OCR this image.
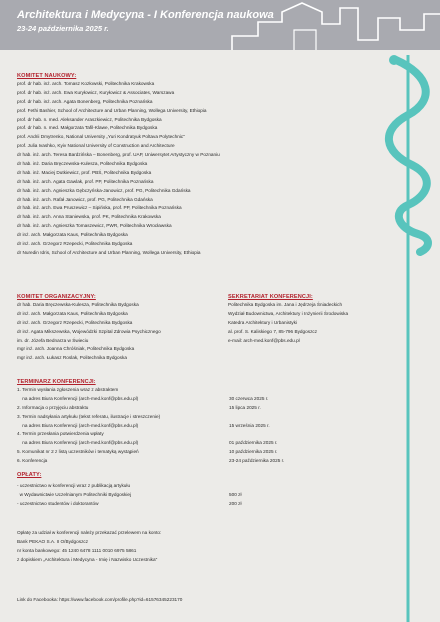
Architektura i Medycyna - I Konferencja naukowa
23-24 października 2025 r.
KOMITET NAUKOWY:
prof. dr hab. inż. arch. Tomasz Kozłowski, Politechnika Krakowska
prof. dr hab. inż. arch. Ewa Kuryłowicz, Kuryłowicz & Associates, Warszawa
prof. dr hab. inż. arch. Agata Bonenberg, Politechnika Poznańska
prof. Fethi Bashier, School of Architecture and Urban Planning, Wollega University, Ethiopia
prof. dr hab. n. med. Aleksander Araszkiewicz, Politechnika Bydgoska
prof. dr hab. n. med. Małgorzata Tafil-Klawe, Politechnika Bydgoska
prof. Andrii Dmytrenko, National University „Yuri Kondratyuk Poltava Polytechnic"
prof. Julia Ivashko, Kyiv National University of Construction and Architecture
dr hab. inż. arch. Teresa Bardzińska – Bonenberg, prof. UAP, Uniwersytet Artystyczny w Poznaniu
dr hab. inż. Daria Bręczewska-Kulesza, Politechnika Bydgoska
dr hab. inż. Maciej Dutkiewicz, prof. PBŚ, Politechnika Bydgoska
dr hab. inż. arch. Agata Gawlak, prof. PP, Politechnika Poznańska
dr hab. inż. arch. Agnieszka Gębczyńska-Janowicz, prof. PG, Politechnika Gdańska
dr hab. inż. arch. Rafał Janowicz, prof. PG, Politechnika Gdańska
dr hab. inż. arch. Ewa Pruszewicz – Sipińska, prof. PP, Politechnika Poznańska
dr hab. inż. arch. Anna Staniewska, prof. PK, Politechnika Krakowska
dr hab. inż. arch. Agnieszka Tomaszewicz, PWR, Politechnika Wrocławska
dr inż. arch. Małgorzata Kaus, Politechnika Bydgoska
dr inż. arch. Grzegorz Rzepecki, Politechnika Bydgoska
dr Nuredin Idris, School of Architecture and Urban Planning, Wollega University, Ethiopia
KOMITET ORGANIZACYJNY:
dr hab. Daria Bręczewska-Kulesza, Politechnika Bydgoska
dr inż. arch. Małgorzata Kaus, Politechnika Bydgoska
dr inż. arch. Grzegorz Rzepecki, Politechnika Bydgoska
dr inż. Agata Mikszewska, Wojewódzki Szpital Zdrowia Psychicznego
im. dr. Józefa Bednarza w Świeciu
mgr inż. arch. Joanna Chróśniak, Politechnika Bydgoska
mgr inż. arch. Łukasz Roslak, Politechnika Bydgoska
SEKRETARIAT KONFERENCJI:
Politechnika Bydgoska im. Jana i Jędrzeja Śniadeckich
Wydział Budownictwa, Architektury i Inżynierii Środowiska
Katedra Architektury i Urbanistyki
al. prof. S. Kaliskiego 7, 85-796 Bydgoszcz
e-mail: arch-med.konf@pbs.edu.pl
TERMINARZ KONFERENCJI:
1. Termin wysłania zgłoszenia wraz z abstraktem
na adres Biura Konferencji (arch-med.konf@pbs.edu.pl)	30 czerwca 2025 r.
2. Informacja o przyjęciu abstraktu	15 lipca 2025 r.
3. Termin nadsyłania artykułu (tekst referatu, ilustracje i streszczenie)
na adres Biura Konferencji (arch-med.konf@pbs.edu.pl)	15 września 2025 r.
4. Termin przesłania potwierdzenia wpłaty
na adres Biura Konferencji (arch-med.konf@pbs.edu.pl)	01 października 2025 r.
5. Komunikat nr 2 z listą uczestników i tematyką wystąpień	10 października 2025 r.
6. Konferencja	23-24 października 2025 r.
OPŁATY:
- uczestnictwo w konferencji wraz z publikacją artykułu
w Wydawnictwie Uczelnianym Politechniki Bydgoskiej	500 zł
- uczestnictwo studentów i doktorantów	200 zł
Opłatę za udział w konferencji należy przekazać przelewem na konto:
Bank PEKAO S.A. II O/Bydgoszcz
nr konta bankowego: 45 1240 6478 1111 0010 6975 5861
z dopiskiem „Architektura i Medycyna - Imię i Nazwisko Uczestnika"
Link do Facebooka: https://www.facebook.com/profile.php?id=61576345223170
